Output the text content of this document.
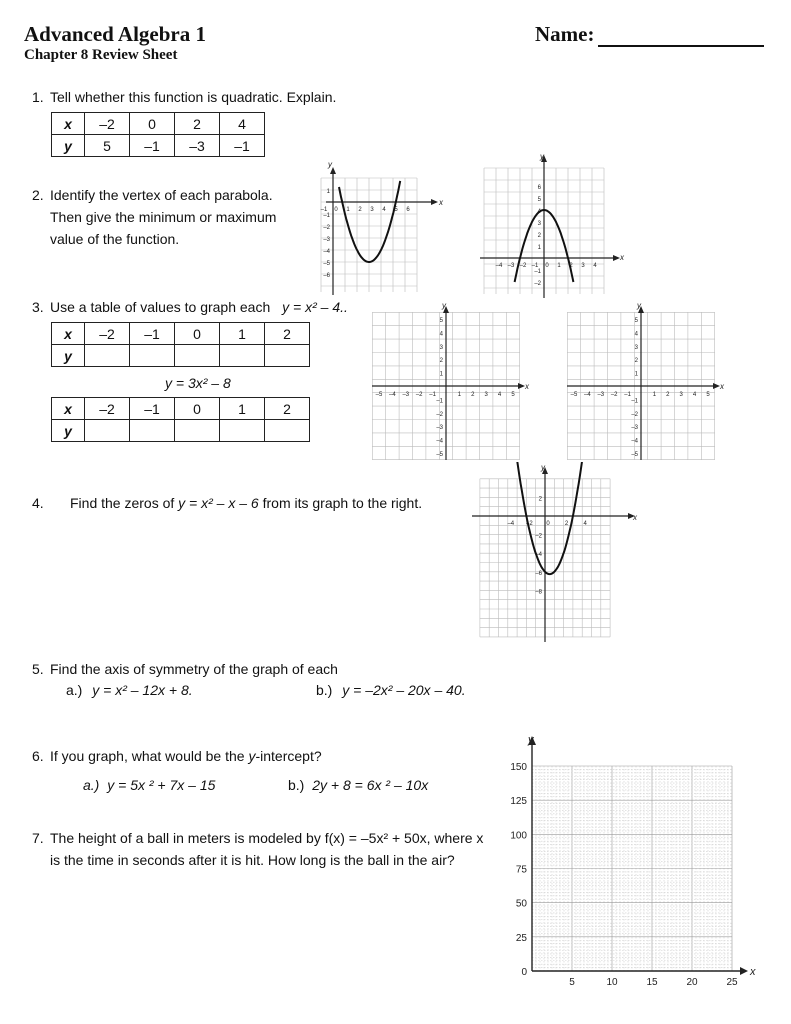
Advanced Algebra 1
Chapter 8 Review Sheet
Name:
1. Tell whether this function is quadratic. Explain.
x	–2	0	2	4
y	5	–1	–3	–1
2. Identify the vertex of each parabola.
Then give the minimum or maximum
value of the function.
x
y
–1 0 1 2 3 4 5 6
1
–1
–2
–3
–4
–5
–6
x
y
–4 –3 –2 –1 0 1 2 3 4
6
5
4
3
2
1
–1
–2
3. Use a table of values to graph each y = x² – 4..
x	–2	–1	0	1	2
y					
y = 3x² – 8
x	–2	–1	0	1	2
y					
x
y
–5 –4 –3 –2 –1	1 2 3 4 5
5
4
3
2
1
–1
–2
–3
–4
–5
x
y
–5 –4 –3 –2 –1	1 2 3 4 5
5
4
3
2
1
–1
–2
–3
–4
–5
4. Find the zeros of y = x² – x – 6 from its graph to the right.
x
y
–4 –2 0	2	4
2
–2
–4
–6
–8
5. Find the axis of symmetry of the graph of each
a.) y = x² – 12x + 8.	b.) y = –2x² – 20x – 40.
6. If you graph, what would be the y-intercept?
a.) y = 5x ² + 7x – 15	b.) 2y + 8 = 6x ² – 10x
7. The height of a ball in meters is modeled by f(x) = –5x² + 50x, where x
is the time in seconds after it is hit. How long is the ball in the air?
x
y
150
125
100
75
50
25
0
5	10	15	20	25
